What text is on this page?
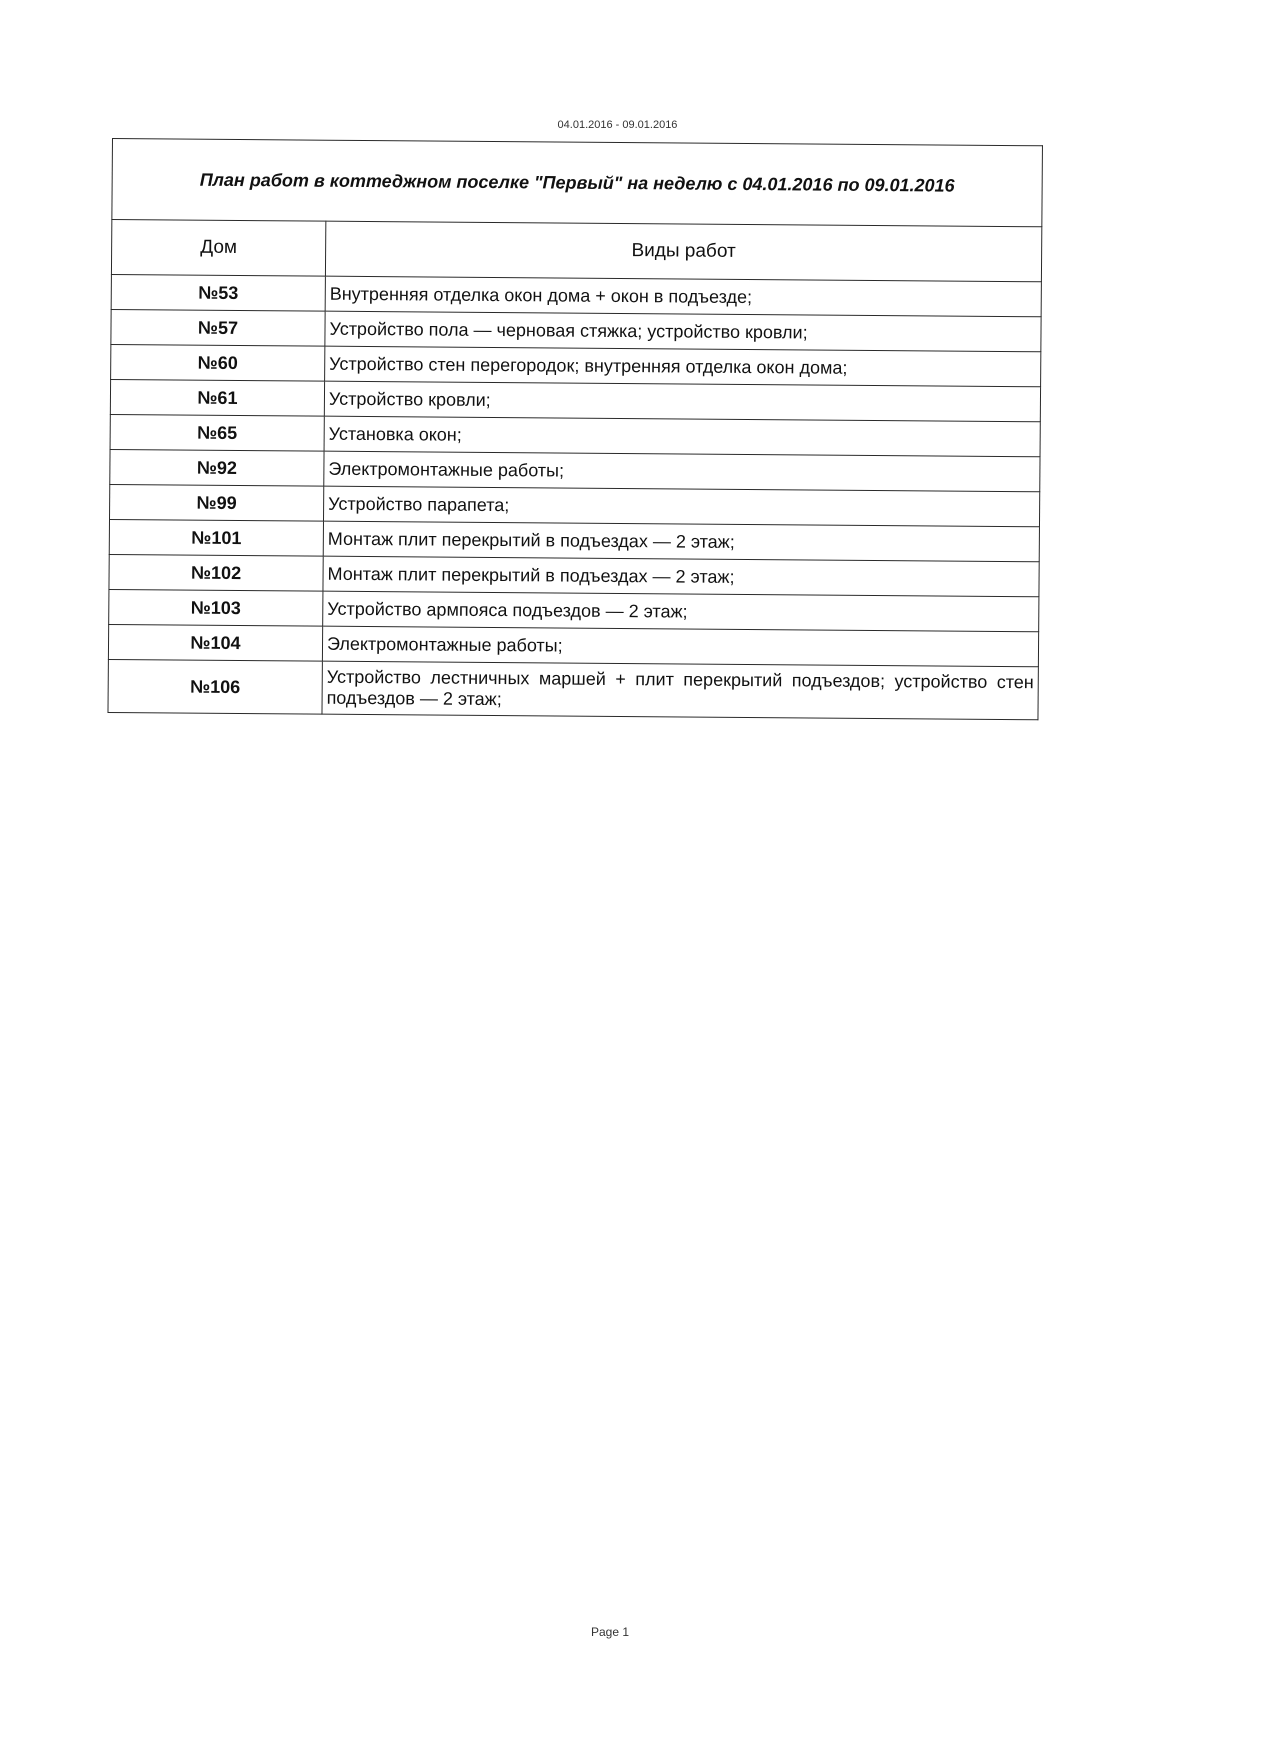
04.01.2016 - 09.01.2016
План работ в коттеджном поселке "Первый" на неделю с 04.01.2016 по 09.01.2016	
Дом	Виды работ
№53	Внутренняя отделка окон дома + окон в подъезде;
№57	Устройство пола — черновая стяжка; устройство кровли;
№60	Устройство стен перегородок; внутренняя отделка окон дома;
№61	Устройство кровли;
№65	Установка окон;
№92	Электромонтажные работы;
№99	Устройство парапета;
№101	Монтаж плит перекрытий в подъездах — 2 этаж;
№102	Монтаж плит перекрытий в подъездах — 2 этаж;
№103	Устройство армпояса подъездов — 2 этаж;
№104	Электромонтажные работы;
№106	Устройство лестничных маршей + плит перекрытий подъездов; устройство стен подъездов — 2 этаж;
Page 1
